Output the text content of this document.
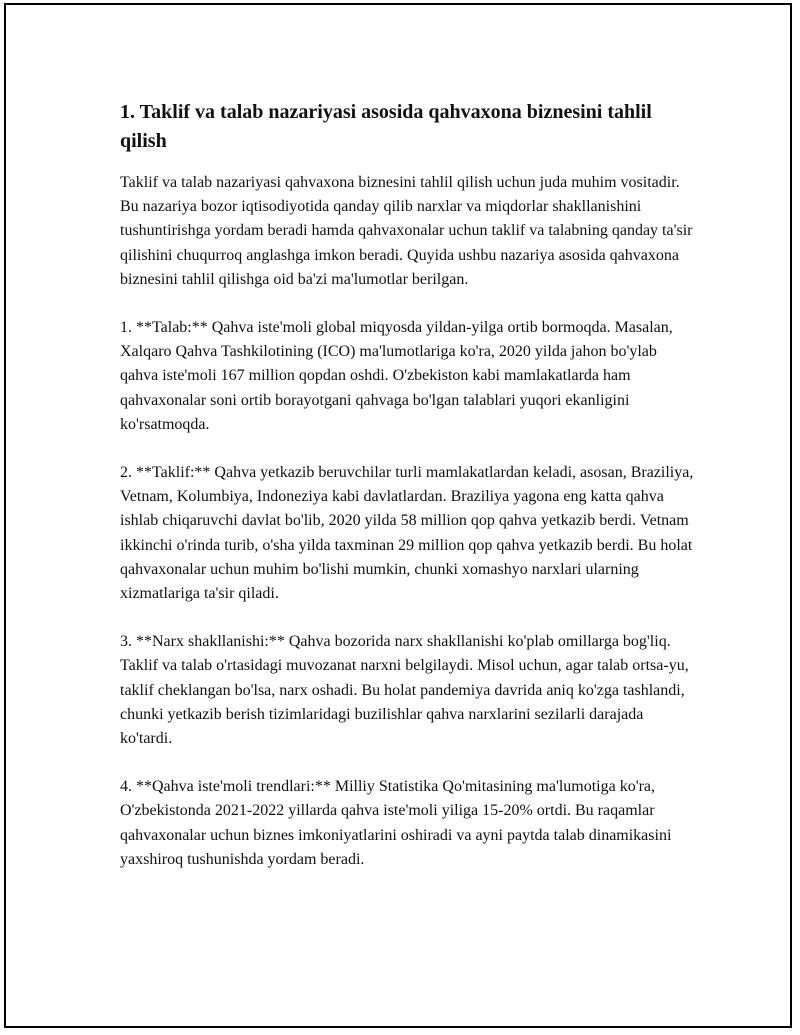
1. Taklif va talab nazariyasi asosida qahvaxona biznesini tahlil qilish

Taklif va talab nazariyasi qahvaxona biznesini tahlil qilish uchun juda muhim vositadir. Bu nazariya bozor iqtisodiyotida qanday qilib narxlar va miqdorlar shakllanishini tushuntirishga yordam beradi hamda qahvaxonalar uchun taklif va talabning qanday ta'sir qilishini chuqurroq anglashga imkon beradi. Quyida ushbu nazariya asosida qahvaxona biznesini tahlil qilishga oid ba'zi ma'lumotlar berilgan.

1. **Talab:** Qahva iste'moli global miqyosda yildan-yilga ortib bormoqda. Masalan, Xalqaro Qahva Tashkilotining (ICO) ma'lumotlariga ko'ra, 2020 yilda jahon bo'ylab qahva iste'moli 167 million qopdan oshdi. O'zbekiston kabi mamlakatlarda ham qahvaxonalar soni ortib borayotgani qahvaga bo'lgan talablari yuqori ekanligini ko'rsatmoqda.

2. **Taklif:** Qahva yetkazib beruvchilar turli mamlakatlardan keladi, asosan, Braziliya, Vetnam, Kolumbiya, Indoneziya kabi davlatlardan. Braziliya yagona eng katta qahva ishlab chiqaruvchi davlat bo'lib, 2020 yilda 58 million qop qahva yetkazib berdi. Vetnam ikkinchi o'rinda turib, o'sha yilda taxminan 29 million qop qahva yetkazib berdi. Bu holat qahvaxonalar uchun muhim bo'lishi mumkin, chunki xomashyo narxlari ularning xizmatlariga ta'sir qiladi.

3. **Narx shakllanishi:** Qahva bozorida narx shakllanishi ko'plab omillarga bog'liq. Taklif va talab o'rtasidagi muvozanat narxni belgilaydi. Misol uchun, agar talab ortsa-yu, taklif cheklangan bo'lsa, narx oshadi. Bu holat pandemiya davrida aniq ko'zga tashlandi, chunki yetkazib berish tizimlaridagi buzilishlar qahva narxlarini sezilarli darajada ko'tardi.

4. **Qahva iste'moli trendlari:** Milliy Statistika Qo'mitasining ma'lumotiga ko'ra, O'zbekistonda 2021-2022 yillarda qahva iste'moli yiliga 15-20% ortdi. Bu raqamlar qahvaxonalar uchun biznes imkoniyatlarini oshiradi va ayni paytda talab dinamikasini yaxshiroq tushunishda yordam beradi.
